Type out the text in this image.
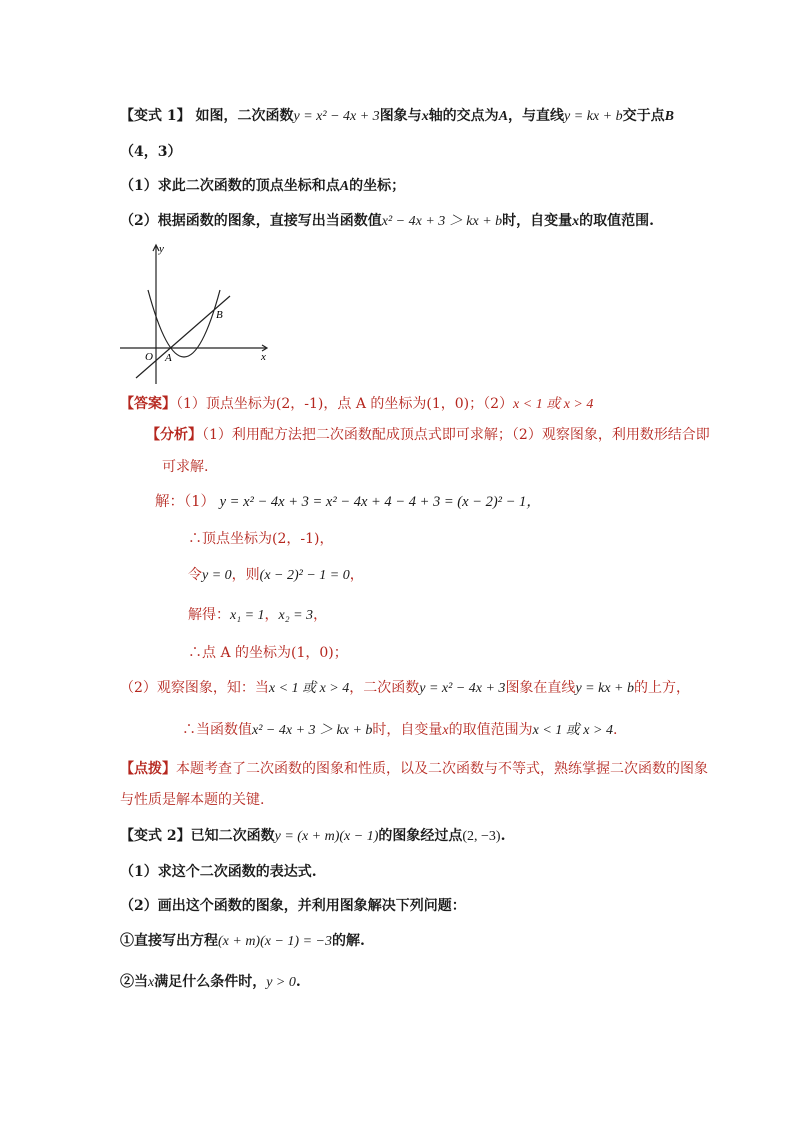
【变式 1】 如图，二次函数y = x² − 4x + 3图象与x轴的交点为A，与直线y = kx + b交于点B
（4，3）
（1）求此二次函数的顶点坐标和点A的坐标；
（2）根据函数的图象，直接写出当函数值x² − 4x + 3 ＞ kx + b时，自变量x的取值范围.
y
x
O A
B
【答案】（1）顶点坐标为(2，-1)，点 A 的坐标为(1，0)；（2）x < 1 或 x > 4
【分析】（1）利用配方法把二次函数配成顶点式即可求解；（2）观察图象，利用数形结合即
可求解.
解：（1） y = x² − 4x + 3 = x² − 4x + 4 − 4 + 3 = (x − 2)² − 1，
∴顶点坐标为(2，-1)，
令y = 0，则(x − 2)² − 1 = 0，
解得：x₁ = 1，x₂ = 3，
∴点 A 的坐标为(1，0)；
（2）观察图象，知：当x < 1 或 x > 4，二次函数y = x² − 4x + 3图象在直线y = kx + b的上方，
∴当函数值x² − 4x + 3 ＞ kx + b时，自变量x的取值范围为x < 1 或 x > 4.
【点拨】本题考查了二次函数的图象和性质，以及二次函数与不等式，熟练掌握二次函数的图象
与性质是解本题的关键.
【变式 2】已知二次函数y = (x + m)(x − 1)的图象经过点(2, −3).
（1）求这个二次函数的表达式.
（2）画出这个函数的图象，并利用图象解决下列问题：
①直接写出方程(x + m)(x − 1) = −3的解.
②当x满足什么条件时，y > 0.
